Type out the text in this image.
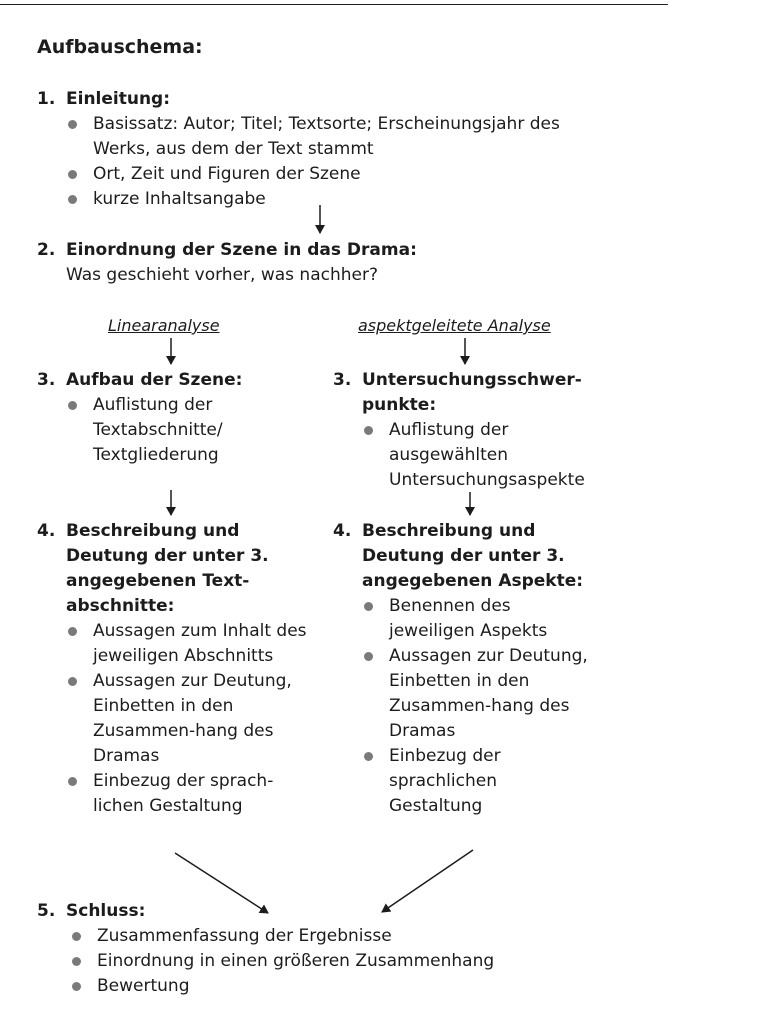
Aufbauschema:
1. Einleitung:
Basissatz: Autor; Titel; Textsorte; Erscheinungsjahr des Werks, aus dem der Text stammt
Ort, Zeit und Figuren der Szene
kurze Inhaltsangabe
2. Einordnung der Szene in das Drama:
Was geschieht vorher, was nachher?
Linearanalyse	aspektgeleitete Analyse
3. Aufbau der Szene:
Auflistung der Textabschnitte/ Textgliederung
3. Untersuchungsschwer-punkte:
Auflistung der ausgewählten Untersuchungsaspekte
4. Beschreibung und Deutung der unter 3. angegebenen Text-abschnitte:
Aussagen zum Inhalt des jeweiligen Abschnitts
Aussagen zur Deutung, Einbetten in den Zusammen-hang des Dramas
Einbezug der sprach-lichen Gestaltung
4. Beschreibung und Deutung der unter 3. angegebenen Aspekte:
Benennen des jeweiligen Aspekts
Aussagen zur Deutung, Einbetten in den Zusammen-hang des Dramas
Einbezug der sprachlichen Gestaltung
5. Schluss:
Zusammenfassung der Ergebnisse
Einordnung in einen größeren Zusammenhang
Bewertung
